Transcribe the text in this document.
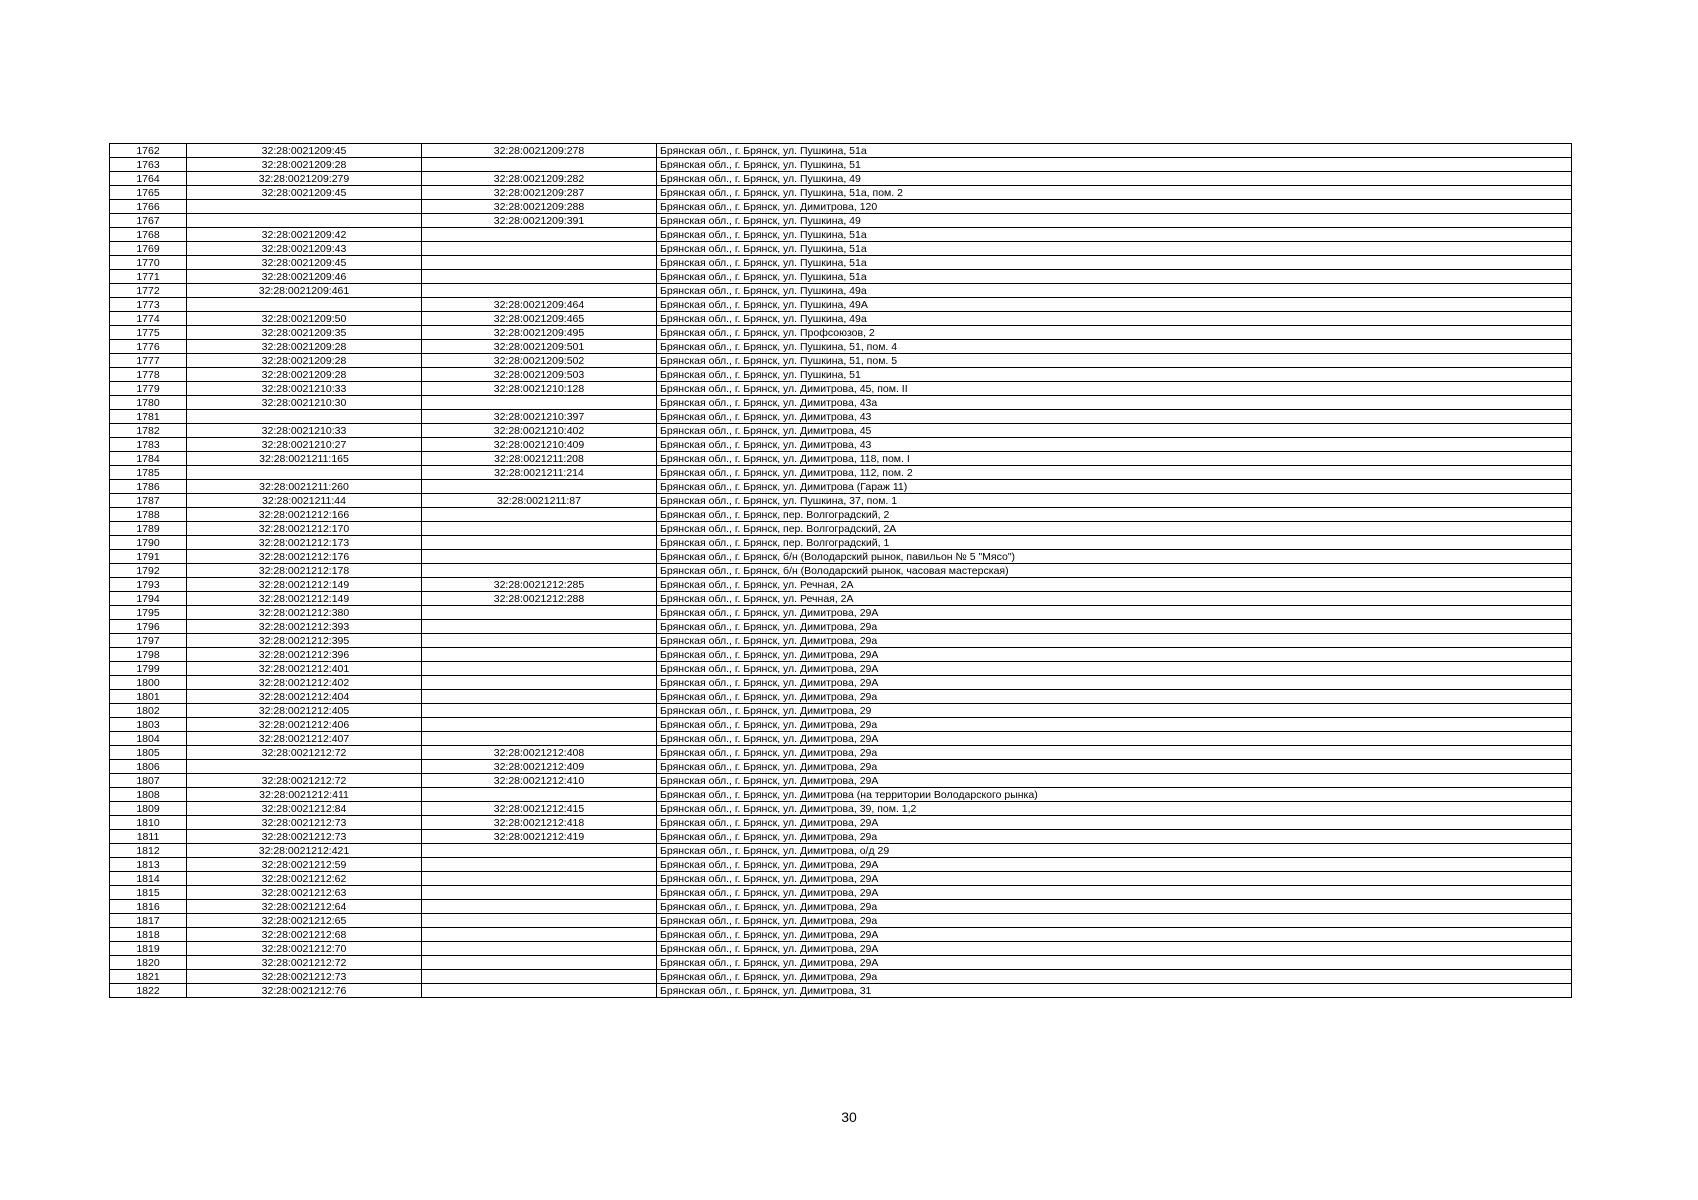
1762	32:28:0021209:45	32:28:0021209:278	Брянская обл., г. Брянск, ул. Пушкина, 51а
1763	32:28:0021209:28		Брянская обл., г. Брянск, ул. Пушкина, 51
1764	32:28:0021209:279	32:28:0021209:282	Брянская обл., г. Брянск, ул. Пушкина, 49
1765	32:28:0021209:45	32:28:0021209:287	Брянская обл., г. Брянск, ул. Пушкина, 51а, пом. 2
1766		32:28:0021209:288	Брянская обл., г. Брянск, ул. Димитрова, 120
1767		32:28:0021209:391	Брянская обл., г. Брянск, ул. Пушкина, 49
1768	32:28:0021209:42		Брянская обл., г. Брянск, ул. Пушкина, 51а
1769	32:28:0021209:43		Брянская обл., г. Брянск, ул. Пушкина, 51а
1770	32:28:0021209:45		Брянская обл., г. Брянск, ул. Пушкина, 51а
1771	32:28:0021209:46		Брянская обл., г. Брянск, ул. Пушкина, 51а
1772	32:28:0021209:461		Брянская обл., г. Брянск, ул. Пушкина, 49а
1773		32:28:0021209:464	Брянская обл., г. Брянск, ул. Пушкина, 49А
1774	32:28:0021209:50	32:28:0021209:465	Брянская обл., г. Брянск, ул. Пушкина, 49а
1775	32:28:0021209:35	32:28:0021209:495	Брянская обл., г. Брянск, ул. Профсоюзов, 2
1776	32:28:0021209:28	32:28:0021209:501	Брянская обл., г. Брянск, ул. Пушкина, 51, пом. 4
1777	32:28:0021209:28	32:28:0021209:502	Брянская обл., г. Брянск, ул. Пушкина, 51, пом. 5
1778	32:28:0021209:28	32:28:0021209:503	Брянская обл., г. Брянск, ул. Пушкина, 51
1779	32:28:0021210:33	32:28:0021210:128	Брянская обл., г. Брянск, ул. Димитрова, 45, пом. II
1780	32:28:0021210:30		Брянская обл., г. Брянск, ул. Димитрова, 43а
1781		32:28:0021210:397	Брянская обл., г. Брянск, ул. Димитрова, 43
1782	32:28:0021210:33	32:28:0021210:402	Брянская обл., г. Брянск, ул. Димитрова, 45
1783	32:28:0021210:27	32:28:0021210:409	Брянская обл., г. Брянск, ул. Димитрова, 43
1784	32:28:0021211:165	32:28:0021211:208	Брянская обл., г. Брянск, ул. Димитрова, 118, пом. I
1785		32:28:0021211:214	Брянская обл., г. Брянск, ул. Димитрова, 112, пом. 2
1786	32:28:0021211:260		Брянская обл., г. Брянск, ул. Димитрова (Гараж 11)
1787	32:28:0021211:44	32:28:0021211:87	Брянская обл., г. Брянск, ул. Пушкина, 37, пом. 1
1788	32:28:0021212:166		Брянская обл., г. Брянск, пер. Волгоградский, 2
1789	32:28:0021212:170		Брянская обл., г. Брянск, пер. Волгоградский, 2А
1790	32:28:0021212:173		Брянская обл., г. Брянск, пер. Волгоградский, 1
1791	32:28:0021212:176		Брянская обл., г. Брянск, б/н (Володарский рынок, павильон № 5 "Мясо")
1792	32:28:0021212:178		Брянская обл., г. Брянск, б/н (Володарский рынок, часовая мастерская)
1793	32:28:0021212:149	32:28:0021212:285	Брянская обл., г. Брянск, ул. Речная, 2А
1794	32:28:0021212:149	32:28:0021212:288	Брянская обл., г. Брянск, ул. Речная, 2А
1795	32:28:0021212:380		Брянская обл., г. Брянск, ул. Димитрова, 29А
1796	32:28:0021212:393		Брянская обл., г. Брянск, ул. Димитрова, 29а
1797	32:28:0021212:395		Брянская обл., г. Брянск, ул. Димитрова, 29а
1798	32:28:0021212:396		Брянская обл., г. Брянск, ул. Димитрова, 29А
1799	32:28:0021212:401		Брянская обл., г. Брянск, ул. Димитрова, 29А
1800	32:28:0021212:402		Брянская обл., г. Брянск, ул. Димитрова, 29А
1801	32:28:0021212:404		Брянская обл., г. Брянск, ул. Димитрова, 29а
1802	32:28:0021212:405		Брянская обл., г. Брянск, ул. Димитрова, 29
1803	32:28:0021212:406		Брянская обл., г. Брянск, ул. Димитрова, 29а
1804	32:28:0021212:407		Брянская обл., г. Брянск, ул. Димитрова, 29А
1805	32:28:0021212:72	32:28:0021212:408	Брянская обл., г. Брянск, ул. Димитрова, 29а
1806		32:28:0021212:409	Брянская обл., г. Брянск, ул. Димитрова, 29а
1807	32:28:0021212:72	32:28:0021212:410	Брянская обл., г. Брянск, ул. Димитрова, 29А
1808	32:28:0021212:411		Брянская обл., г. Брянск, ул. Димитрова (на территории Володарского рынка)
1809	32:28:0021212:84	32:28:0021212:415	Брянская обл., г. Брянск, ул. Димитрова, 39, пом. 1,2
1810	32:28:0021212:73	32:28:0021212:418	Брянская обл., г. Брянск, ул. Димитрова, 29А
1811	32:28:0021212:73	32:28:0021212:419	Брянская обл., г. Брянск, ул. Димитрова, 29а
1812	32:28:0021212:421		Брянская обл., г. Брянск, ул. Димитрова, о/д 29
1813	32:28:0021212:59		Брянская обл., г. Брянск, ул. Димитрова, 29А
1814	32:28:0021212:62		Брянская обл., г. Брянск, ул. Димитрова, 29А
1815	32:28:0021212:63		Брянская обл., г. Брянск, ул. Димитрова, 29А
1816	32:28:0021212:64		Брянская обл., г. Брянск, ул. Димитрова, 29а
1817	32:28:0021212:65		Брянская обл., г. Брянск, ул. Димитрова, 29а
1818	32:28:0021212:68		Брянская обл., г. Брянск, ул. Димитрова, 29А
1819	32:28:0021212:70		Брянская обл., г. Брянск, ул. Димитрова, 29А
1820	32:28:0021212:72		Брянская обл., г. Брянск, ул. Димитрова, 29А
1821	32:28:0021212:73		Брянская обл., г. Брянск, ул. Димитрова, 29а
1822	32:28:0021212:76		Брянская обл., г. Брянск, ул. Димитрова, 31
30
